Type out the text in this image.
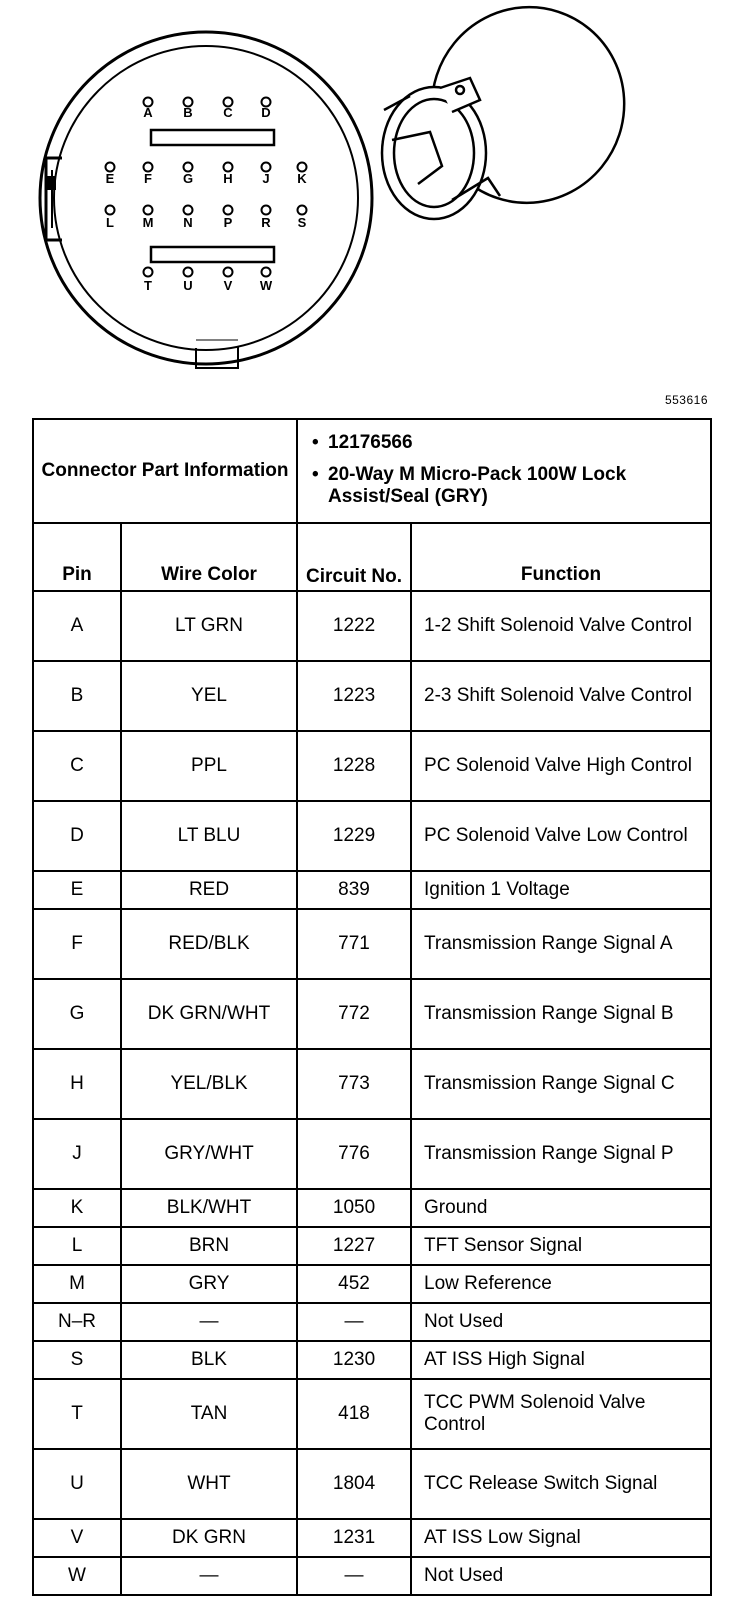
A B C D
E F G H J K
L M N P R S
T U V W
553616
Connector Part Information		• 12176566
• 20-Way M Micro-Pack 100W Lock Assist/Seal (GRY)

Pin	Wire Color	Circuit No.	Function
A	LT GRN	1222	1-2 Shift Solenoid Valve Control
B	YEL	1223	2-3 Shift Solenoid Valve Control
C	PPL	1228	PC Solenoid Valve High Control
D	LT BLU	1229	PC Solenoid Valve Low Control
E	RED	839	Ignition 1 Voltage
F	RED/BLK	771	Transmission Range Signal A
G	DK GRN/WHT	772	Transmission Range Signal B
H	YEL/BLK	773	Transmission Range Signal C
J	GRY/WHT	776	Transmission Range Signal P
K	BLK/WHT	1050	Ground
L	BRN	1227	TFT Sensor Signal
M	GRY	452	Low Reference
N–R	—	—	Not Used
S	BLK	1230	AT ISS High Signal
T	TAN	418	TCC PWM Solenoid Valve Control
U	WHT	1804	TCC Release Switch Signal
V	DK GRN	1231	AT ISS Low Signal
W	—	—	Not Used
